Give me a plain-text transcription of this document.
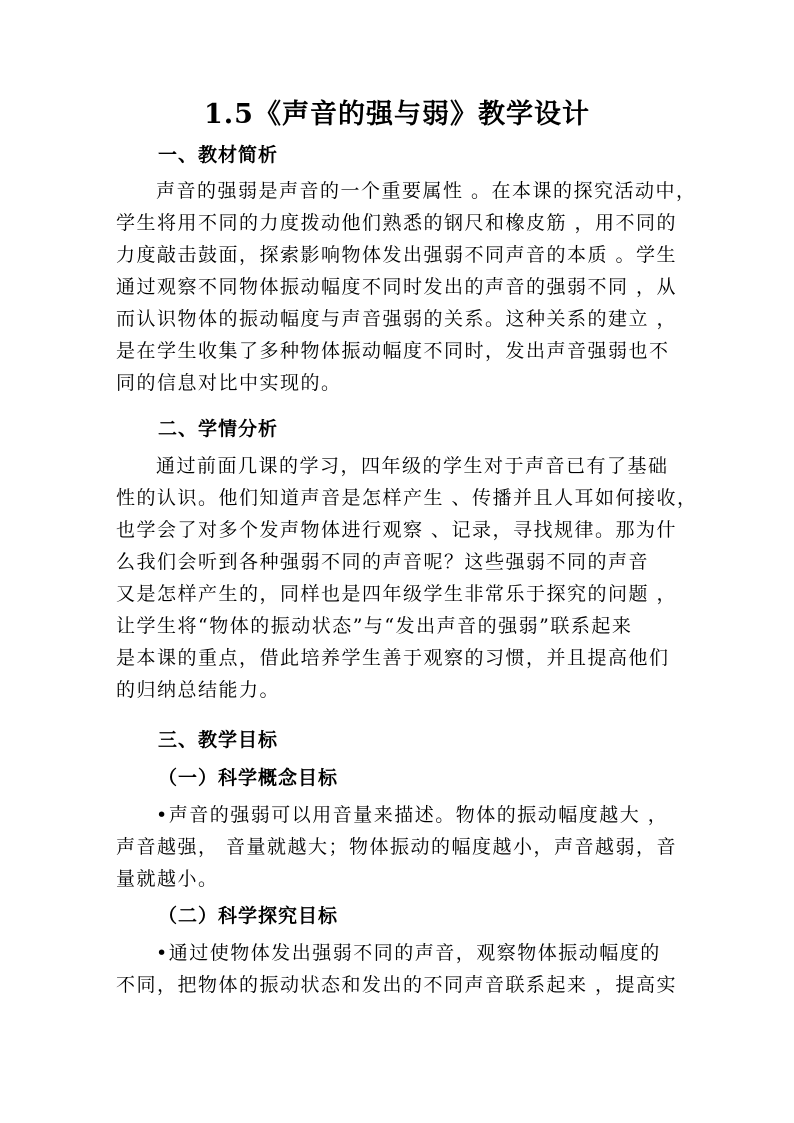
1.5《声音的强与弱》教学设计
一、教材简析
声音的强弱是声音的一个重要属性 。在本课的探究活动中，
学生将用不同的力度拨动他们熟悉的钢尺和橡皮筋 ，用不同的
力度敲击鼓面，探索影响物体发出强弱不同声音的本质 。学生
通过观察不同物体振动幅度不同时发出的声音的强弱不同 ，从
而认识物体的振动幅度与声音强弱的关系。这种关系的建立 ，
是在学生收集了多种物体振动幅度不同时，发出声音强弱也不
同的信息对比中实现的。
二、学情分析
通过前面几课的学习，四年级的学生对于声音已有了基础
性的认识。他们知道声音是怎样产生 、传播并且人耳如何接收，
也学会了对多个发声物体进行观察 、记录，寻找规律。那为什
么我们会听到各种强弱不同的声音呢？这些强弱不同的声音
又是怎样产生的，同样也是四年级学生非常乐于探究的问题 ，
让学生将“物体的振动状态”与“发出声音的强弱”联系起来
是本课的重点，借此培养学生善于观察的习惯，并且提高他们
的归纳总结能力。
三、教学目标
（一）科学概念目标
•声音的强弱可以用音量来描述。物体的振动幅度越大 ，
声音越强， 音量就越大；物体振动的幅度越小，声音越弱，音
量就越小。
（二）科学探究目标
•通过使物体发出强弱不同的声音，观察物体振动幅度的
不同，把物体的振动状态和发出的不同声音联系起来 ，提高实
